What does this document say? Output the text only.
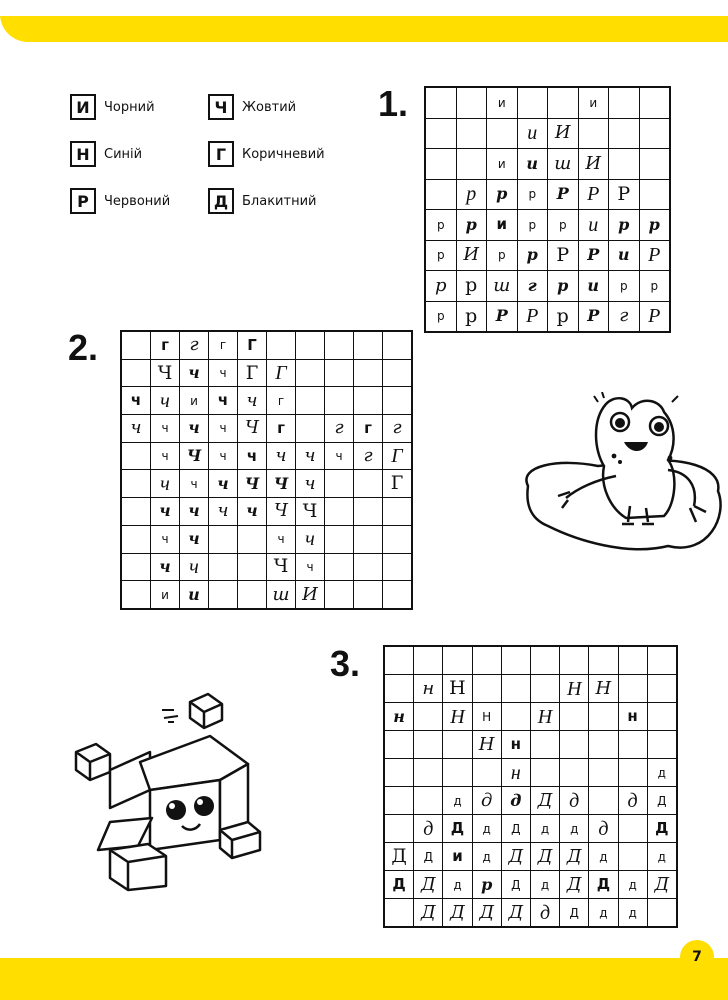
7
И	Чорний
Н	Синій
Р	Червоний
Ч	Жовтий
Г	Коричневий
Д	Блакитний
1.
2.
3.
		и			и		
			и	И			
		и	и	ш	И		
	р	р	р	Р	Р	Р	
р	р	и	р	р	и	р	р
р	И	р	р	Р	Р	и	Р
р	р	ш	г	р	и	р	р
р	р	Р	Р	р	Р	г	Р
	г	г	г	Г					
	Ч	ч	ч	Г	Г				
ч	ч	и	ч	ч	г				
ч	ч	ч	ч	Ч	г		г	г	г
	ч	Ч	ч	ч	ч	ч	ч	г	Г
	ч	ч	ч	Ч	Ч	ч			Г
	ч	ч	ч	ч	Ч	Ч			
	ч	ч			ч	ч			
	ч	ч			Ч	ч			
	и	и			ш	И			

	н	Н				Н	Н		
н		Н	Н		Н			н	
			Н	н					
				н					д
		д	д	д	Д	д		д	Д
	д	Д	д	Д	д	д	д		Д
Д	Д	и	д	Д	Д	Д	д		д
Д	Д	д	р	Д	д	Д	Д	д	Д
	Д	Д	Д	Д	д	Д	д	д	
